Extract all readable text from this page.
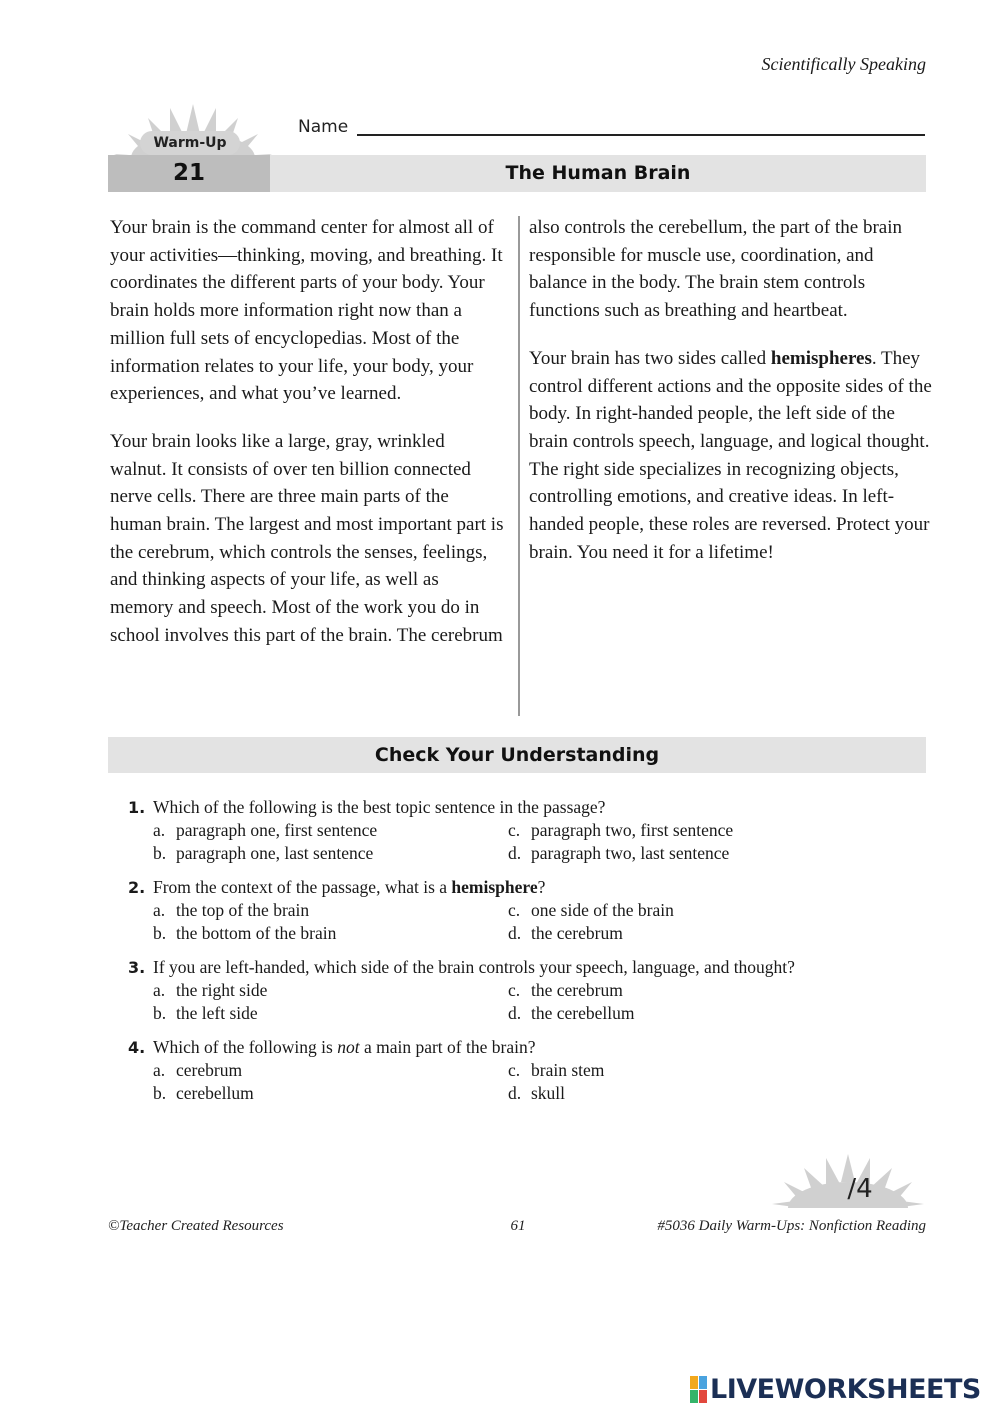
Scientifically Speaking
Warm-Up
Name
21	The Human Brain

Your brain is the command center for almost all of your activities—thinking, moving, and breathing. It coordinates the different parts of your body. Your brain holds more information right now than a million full sets of encyclopedias. Most of the information relates to your life, your body, your experiences, and what you’ve learned.

Your brain looks like a large, gray, wrinkled walnut. It consists of over ten billion connected nerve cells. There are three main parts of the human brain. The largest and most important part is the cerebrum, which controls the senses, feelings, and thinking aspects of your life, as well as memory and speech. Most of the work you do in school involves this part of the brain. The cerebrum

also controls the cerebellum, the part of the brain responsible for muscle use, coordination, and balance in the body. The brain stem controls functions such as breathing and heartbeat.

Your brain has two sides called hemispheres. They control different actions and the opposite sides of the body. In right-handed people, the left side of the brain controls speech, language, and logical thought. The right side specializes in recognizing objects, controlling emotions, and creative ideas. In left-handed people, these roles are reversed. Protect your brain. You need it for a lifetime!

Check Your Understanding
1. Which of the following is the best topic sentence in the passage?
a. paragraph one, first sentence	c. paragraph two, first sentence
b. paragraph one, last sentence	d. paragraph two, last sentence
2. From the context of the passage, what is a hemisphere?
a. the top of the brain	c. one side of the brain
b. the bottom of the brain	d. the cerebrum
3. If you are left-handed, which side of the brain controls your speech, language, and thought?
a. the right side	c. the cerebrum
b. the left side	d. the cerebellum
4. Which of the following is not a main part of the brain?
a. cerebrum	c. brain stem
b. cerebellum	d. skull
/4
©Teacher Created Resources	61	#5036 Daily Warm-Ups: Nonfiction Reading
LIVEWORKSHEETS
